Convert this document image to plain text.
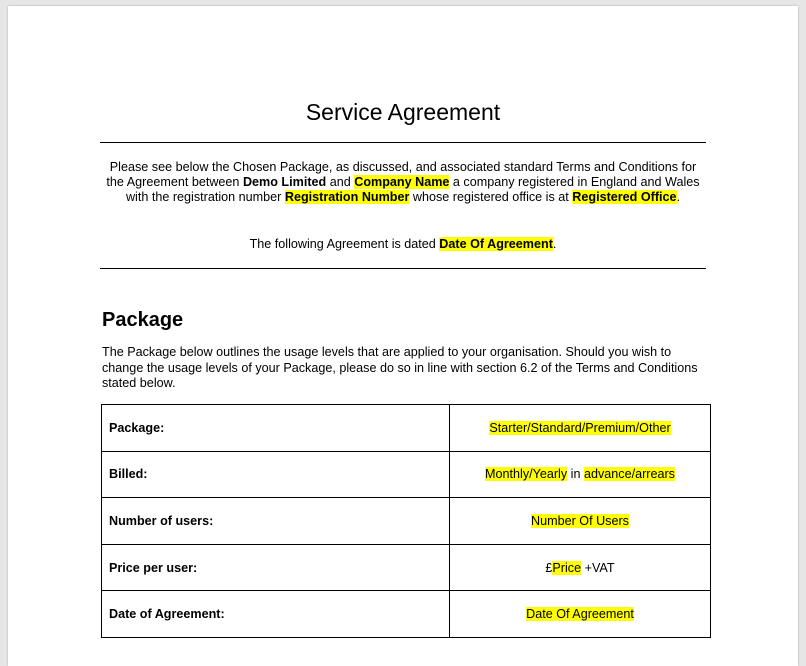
Service Agreement
Please see below the Chosen Package, as discussed, and associated standard Terms and Conditions for the Agreement between Demo Limited and Company Name a company registered in England and Wales with the registration number Registration Number whose registered office is at Registered Office.
The following Agreement is dated Date Of Agreement.
Package
The Package below outlines the usage levels that are applied to your organisation. Should you wish to change the usage levels of your Package, please do so in line with section 6.2 of the Terms and Conditions stated below.
Package:	Starter/Standard/Premium/Other
Billed:	Monthly/Yearly in advance/arrears
Number of users:	Number Of Users
Price per user:	£Price +VAT
Date of Agreement:	Date Of Agreement
